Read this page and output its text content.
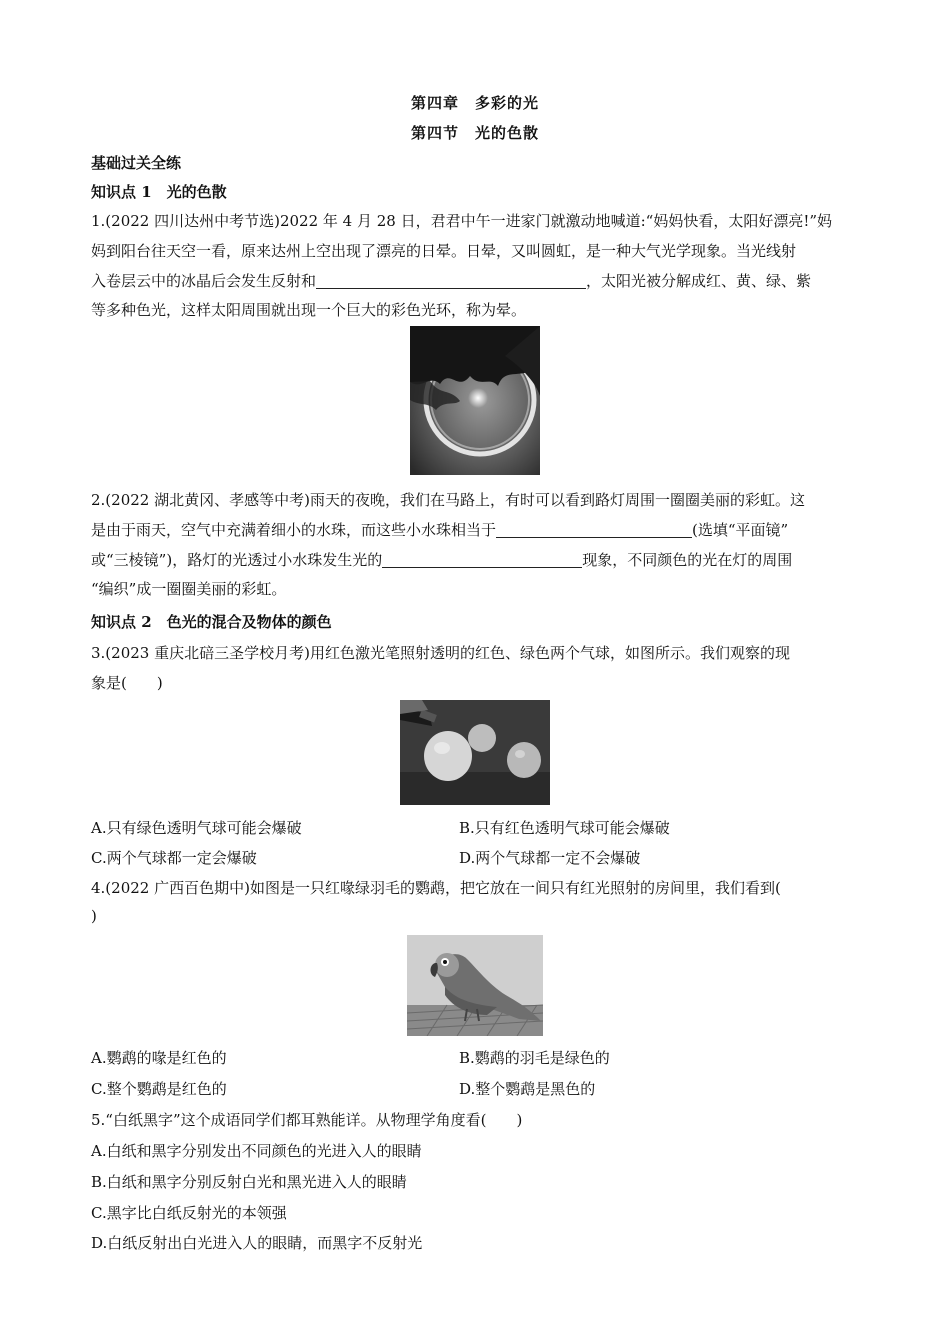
第四章　多彩的光
第四节　光的色散
基础过关全练
知识点 1　光的色散
1.(2022 四川达州中考节选)2022 年 4 月 28 日，君君中午一进家门就激动地喊道:“妈妈快看，太阳好漂亮!”妈
妈到阳台往天空一看，原来达州上空出现了漂亮的日晕。日晕，又叫圆虹，是一种大气光学现象。当光线射
入卷层云中的冰晶后会发生反射和	，太阳光被分解成红、黄、绿、紫
等多种色光，这样太阳周围就出现一个巨大的彩色光环，称为晕。
2.(2022 湖北黄冈、孝感等中考)雨天的夜晚，我们在马路上，有时可以看到路灯周围一圈圈美丽的彩虹。这
是由于雨天，空气中充满着细小的水珠，而这些小水珠相当于	(选填“平面镜”
或“三棱镜”)，路灯的光透过小水珠发生光的	现象，不同颜色的光在灯的周围
“编织”成一圈圈美丽的彩虹。
知识点 2　色光的混合及物体的颜色
3.(2023 重庆北碚三圣学校月考)用红色激光笔照射透明的红色、绿色两个气球，如图所示。我们观察的现
象是(　　)
A.只有绿色透明气球可能会爆破	B.只有红色透明气球可能会爆破
C.两个气球都一定会爆破	D.两个气球都一定不会爆破
4.(2022 广西百色期中)如图是一只红喙绿羽毛的鹦鹉，把它放在一间只有红光照射的房间里，我们看到(
)
A.鹦鹉的喙是红色的	B.鹦鹉的羽毛是绿色的
C.整个鹦鹉是红色的	D.整个鹦鹉是黑色的
5.“白纸黑字”这个成语同学们都耳熟能详。从物理学角度看(　　)
A.白纸和黑字分别发出不同颜色的光进入人的眼睛
B.白纸和黑字分别反射白光和黑光进入人的眼睛
C.黑字比白纸反射光的本领强
D.白纸反射出白光进入人的眼睛，而黑字不反射光
